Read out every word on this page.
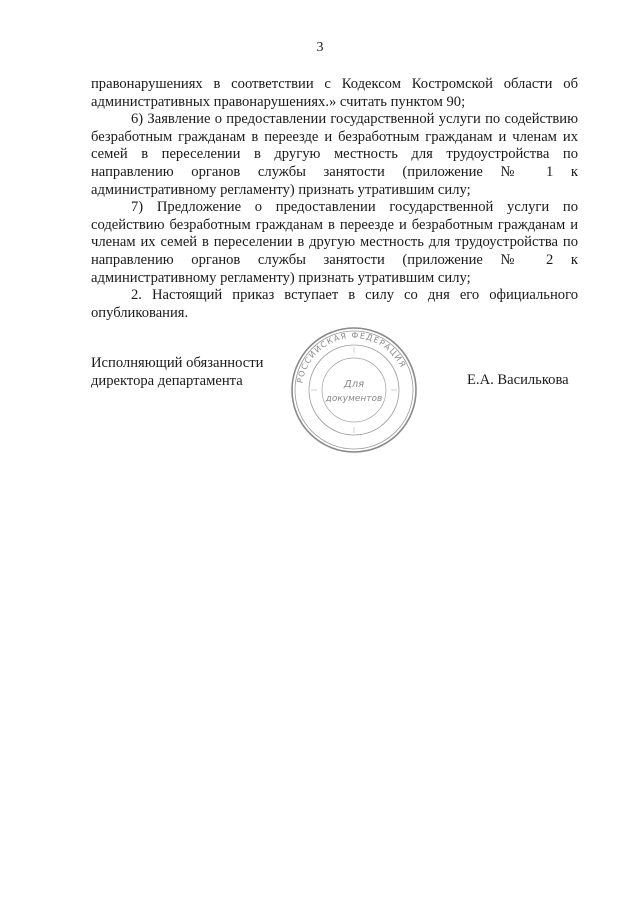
3

правонарушениях в соответствии с Кодексом Костромской области об административных правонарушениях.» считать пунктом 90;

6) Заявление о предоставлении государственной услуги по содействию безработным гражданам в переезде и безработным гражданам и членам их семей в переселении в другую местность для трудоустройства по направлению органов службы занятости (приложение № 1 к административному регламенту) признать утратившим силу;

7) Предложение о предоставлении государственной услуги по содействию безработным гражданам в переезде и безработным гражданам и членам их семей в переселении в другую местность для трудоустройства по направлению органов службы занятости (приложение № 2 к административному регламенту) признать утратившим силу;

2. Настоящий приказ вступает в силу со дня его официального опубликования.

Исполняющий обязанности
директора департамента	РОССИЙСКАЯ ФЕДЕРАЦИЯ
Для
документов
Е.А. Василькова
